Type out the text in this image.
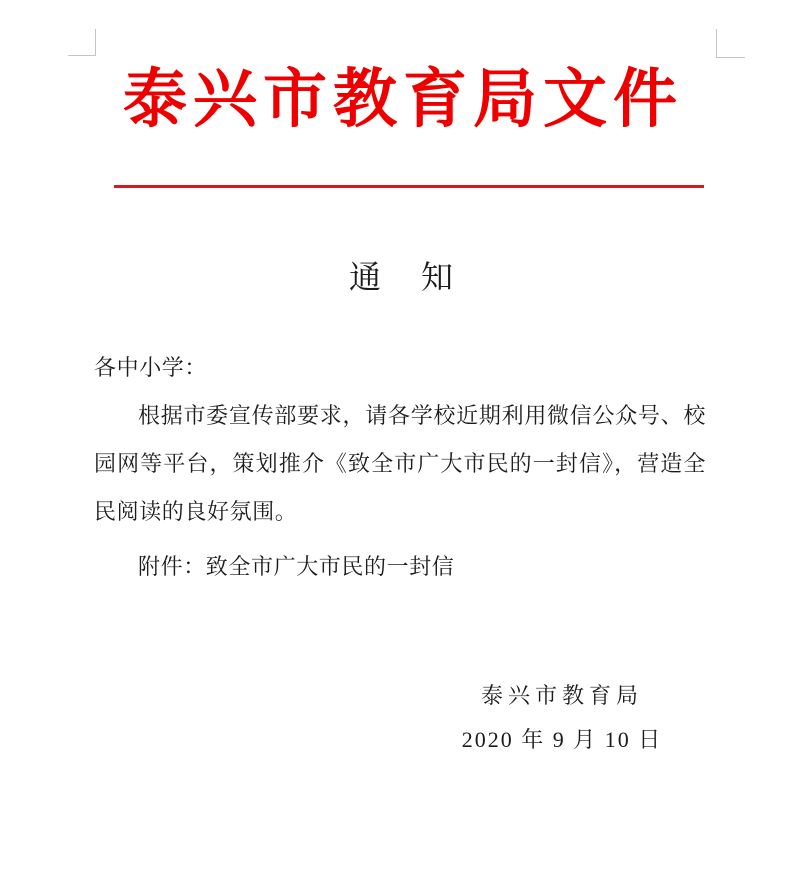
泰兴市教育局文件
通　知
各中小学：
根据市委宣传部要求，请各学校近期利用微信公众号、校
园网等平台，策划推介《致全市广大市民的一封信》，营造全
民阅读的良好氛围。
附件：致全市广大市民的一封信
泰兴市教育局
2020 年 9 月 10 日
